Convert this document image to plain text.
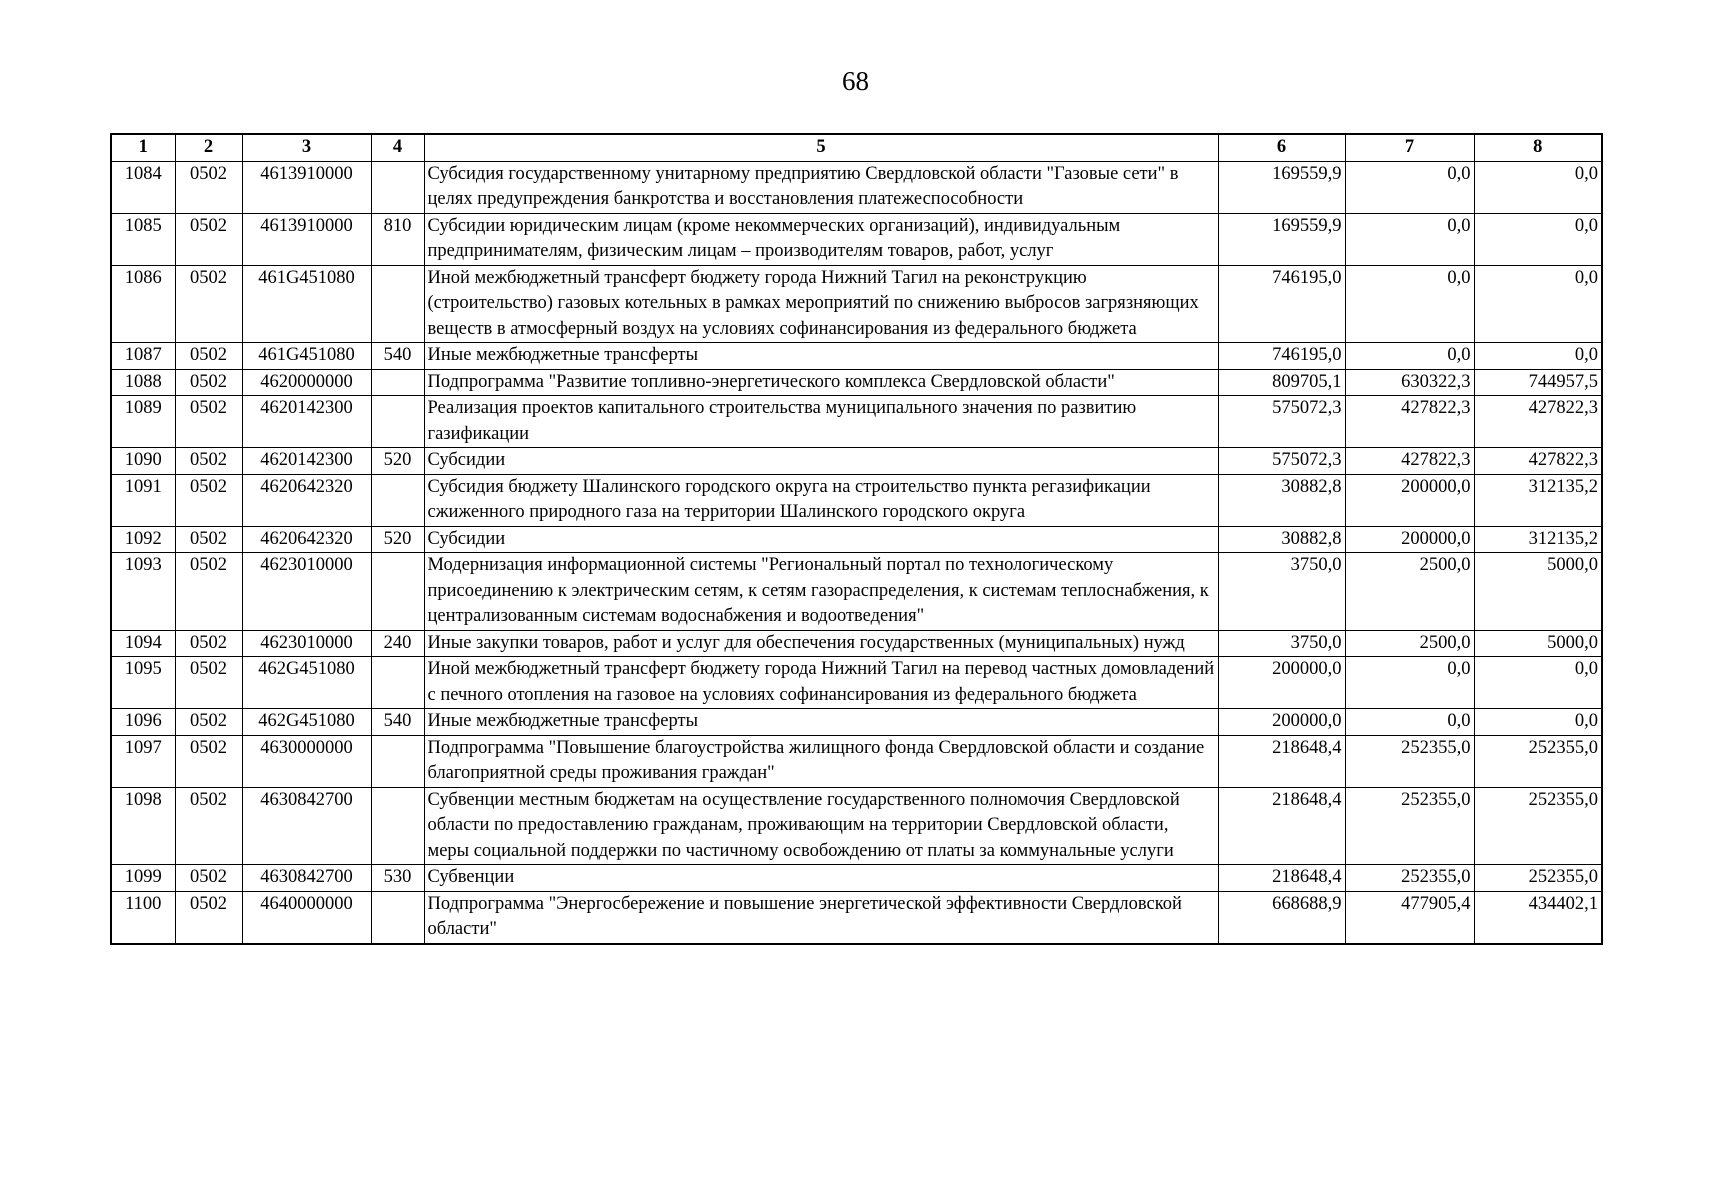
68
1	2	3	4	5	6	7	8
1084	0502	4613910000		Субсидия государственному унитарному предприятию Свердловской области "Газовые сети" в целях предупреждения банкротства и восстановления платежеспособности	169559,9	0,0	0,0
1085	0502	4613910000	810	Субсидии юридическим лицам (кроме некоммерческих организаций), индивидуальным предпринимателям, физическим лицам – производителям товаров, работ, услуг	169559,9	0,0	0,0
1086	0502	461G451080		Иной межбюджетный трансферт бюджету города Нижний Тагил на реконструкцию (строительство) газовых котельных в рамках мероприятий по снижению выбросов загрязняющих веществ в атмосферный воздух на условиях софинансирования из федерального бюджета	746195,0	0,0	0,0
1087	0502	461G451080	540	Иные межбюджетные трансферты	746195,0	0,0	0,0
1088	0502	4620000000		Подпрограмма "Развитие топливно-энергетического комплекса Свердловской области"	809705,1	630322,3	744957,5
1089	0502	4620142300		Реализация проектов капитального строительства муниципального значения по развитию газификации	575072,3	427822,3	427822,3
1090	0502	4620142300	520	Субсидии	575072,3	427822,3	427822,3
1091	0502	4620642320		Субсидия бюджету Шалинского городского округа на строительство пункта регазификации сжиженного природного газа на территории Шалинского городского округа	30882,8	200000,0	312135,2
1092	0502	4620642320	520	Субсидии	30882,8	200000,0	312135,2
1093	0502	4623010000		Модернизация информационной системы "Региональный портал по технологическому присоединению к электрическим сетям, к сетям газораспределения, к системам теплоснабжения, к централизованным системам водоснабжения и водоотведения"	3750,0	2500,0	5000,0
1094	0502	4623010000	240	Иные закупки товаров, работ и услуг для обеспечения государственных (муниципальных) нужд	3750,0	2500,0	5000,0
1095	0502	462G451080		Иной межбюджетный трансферт бюджету города Нижний Тагил на перевод частных домовладений с печного отопления на газовое на условиях софинансирования из федерального бюджета	200000,0	0,0	0,0
1096	0502	462G451080	540	Иные межбюджетные трансферты	200000,0	0,0	0,0
1097	0502	4630000000		Подпрограмма "Повышение благоустройства жилищного фонда Свердловской области и создание благоприятной среды проживания граждан"	218648,4	252355,0	252355,0
1098	0502	4630842700		Субвенции местным бюджетам на осуществление государственного полномочия Свердловской области по предоставлению гражданам, проживающим на территории Свердловской области, меры социальной поддержки по частичному освобождению от платы за коммунальные услуги	218648,4	252355,0	252355,0
1099	0502	4630842700	530	Субвенции	218648,4	252355,0	252355,0
1100	0502	4640000000		Подпрограмма "Энергосбережение и повышение энергетической эффективности Свердловской области"	668688,9	477905,4	434402,1
